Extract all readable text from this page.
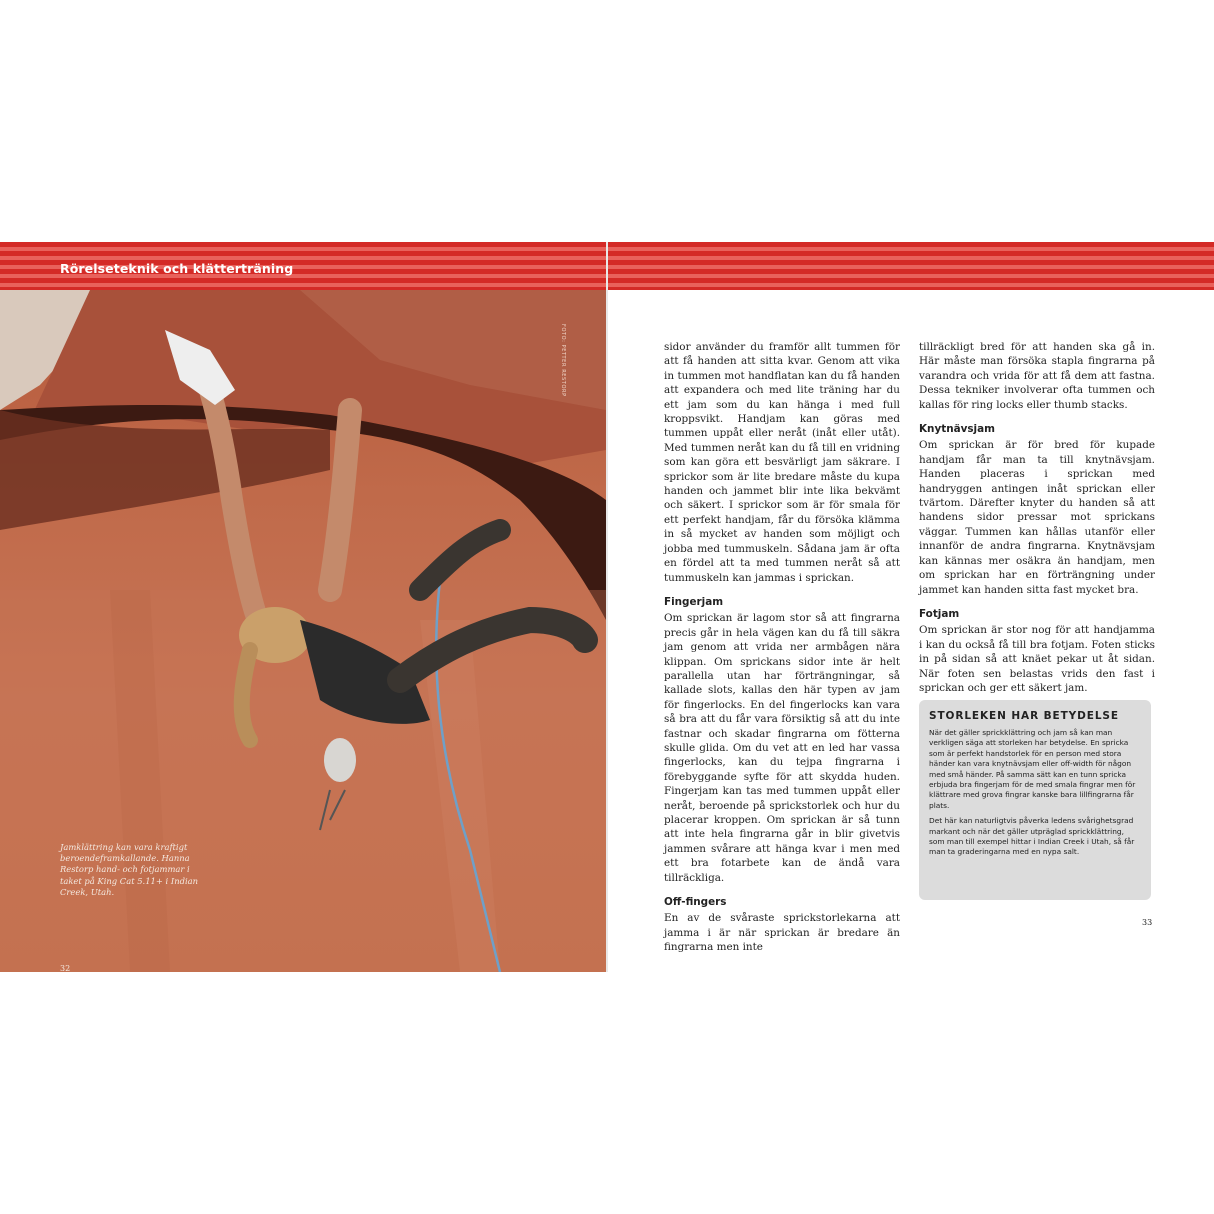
Rörelseteknik och klätterträning
FOTO: PETTER RESTORP
Jamklättring kan vara kraftigt beroendeframkallande. Hanna Restorp hand- och fotjammar i taket på King Cat 5.11+ i Indian Creek, Utah.
32

sidor använder du framför allt tummen för att få handen att sitta kvar. Genom att vika in tummen mot handflatan kan du få handen att expandera och med lite träning har du ett jam som du kan hänga i med full kroppsvikt. Handjam kan göras med tummen uppåt eller neråt (inåt eller utåt). Med tummen neråt kan du få till en vridning som kan göra ett besvärligt jam säkrare. I sprickor som är lite bredare måste du kupa handen och jammet blir inte lika bekvämt och säkert. I sprickor som är för smala för ett perfekt handjam, får du försöka klämma in så mycket av handen som möjligt och jobba med tummuskeln. Sådana jam är ofta en fördel att ta med tummen neråt så att tummuskeln kan jammas i sprickan.

Fingerjam

Om sprickan är lagom stor så att fingrarna precis går in hela vägen kan du få till säkra jam genom att vrida ner armbågen nära klippan. Om sprickans sidor inte är helt parallella utan har förträngningar, så kallade slots, kallas den här typen av jam för fingerlocks. En del fingerlocks kan vara så bra att du får vara försiktig så att du inte fastnar och skadar fingrarna om fötterna skulle glida. Om du vet att en led har vassa fingerlocks, kan du tejpa fingrarna i förebyggande syfte för att skydda huden. Fingerjam kan tas med tummen uppåt eller neråt, beroende på sprickstorlek och hur du placerar kroppen. Om sprickan är så tunn att inte hela fingrarna går in blir givetvis jammen svårare att hänga kvar i men med ett bra fotarbete kan de ändå vara tillräckliga.

Off-fingers

En av de svåraste sprickstorlekarna att jamma i är när sprickan är bredare än fingrarna men inte

tillräckligt bred för att handen ska gå in. Här måste man försöka stapla fingrarna på varandra och vrida för att få dem att fastna. Dessa tekniker involverar ofta tummen och kallas för ring locks eller thumb stacks.

Knytnävsjam

Om sprickan är för bred för kupade handjam får man ta till knytnävsjam. Handen placeras i sprickan med handryggen antingen inåt sprickan eller tvärtom. Därefter knyter du handen så att handens sidor pressar mot sprickans väggar. Tummen kan hållas utanför eller innanför de andra fingrarna. Knytnävsjam kan kännas mer osäkra än handjam, men om sprickan har en förträngning under jammet kan handen sitta fast mycket bra.

Fotjam

Om sprickan är stor nog för att handjamma i kan du också få till bra fotjam. Foten sticks in på sidan så att knäet pekar ut åt sidan. När foten sen belastas vrids den fast i sprickan och ger ett säkert jam.

STORLEKEN HAR BETYDELSE

När det gäller sprickklättring och jam så kan man verkligen säga att storleken har betydelse. En spricka som är perfekt handstorlek för en person med stora händer kan vara knytnävsjam eller off-width för någon med små händer. På samma sätt kan en tunn spricka erbjuda bra fingerjam för de med smala fingrar men för klättrare med grova fingrar kanske bara lillfingrarna får plats.

Det här kan naturligtvis påverka ledens svårighetsgrad markant och när det gäller utpräglad sprickklättring, som man till exempel hittar i Indian Creek i Utah, så får man ta graderingarna med en nypa salt.

33
